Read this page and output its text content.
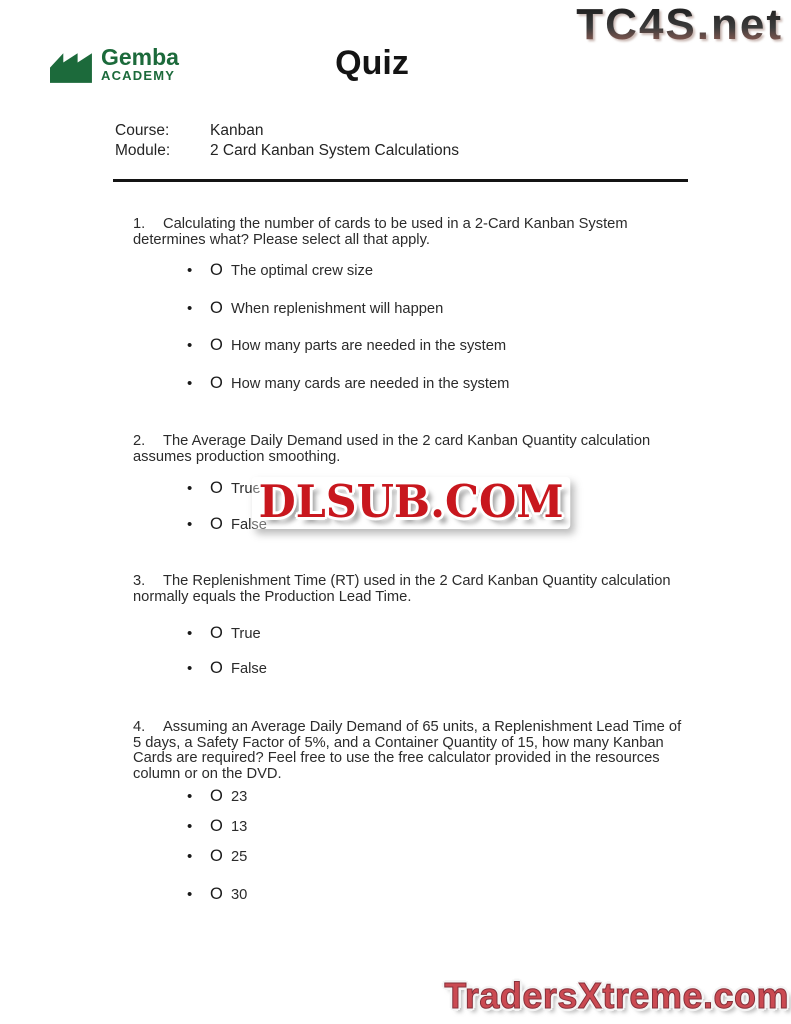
TC4S.net
Gemba
ACADEMY	Quiz
Course:	Kanban
Module:	2 Card Kanban System Calculations
1. Calculating the number of cards to be used in a 2-Card Kanban System determines what? Please select all that apply.
•	O The optimal crew size
•	O When replenishment will happen
•	O How many parts are needed in the system
•	O How many cards are needed in the system
2. The Average Daily Demand used in the 2 card Kanban Quantity calculation assumes production smoothing.
•	O True
•	O False
3. The Replenishment Time (RT) used in the 2 Card Kanban Quantity calculation normally equals the Production Lead Time.
•	O True
•	O False
4. Assuming an Average Daily Demand of 65 units, a Replenishment Lead Time of 5 days, a Safety Factor of 5%, and a Container Quantity of 15, how many Kanban Cards are required? Feel free to use the free calculator provided in the resources column or on the DVD.
•	O 23
•	O 13
•	O 25
•	O 30
DLSUB.COM
TradersXtreme.com
